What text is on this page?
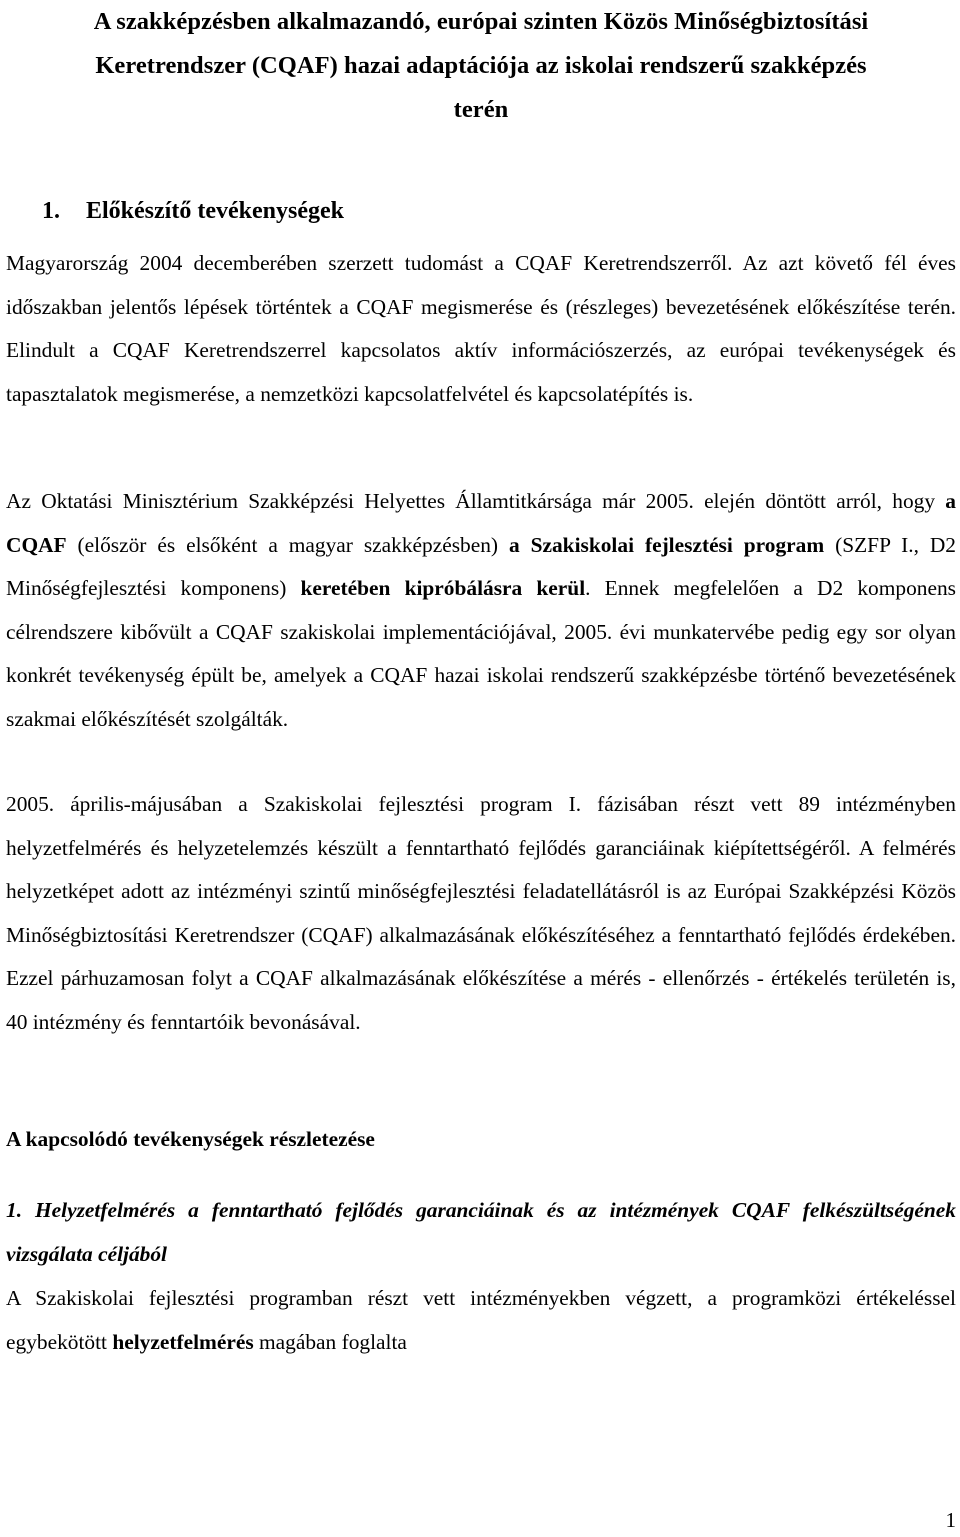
A szakképzésben alkalmazandó, európai szinten Közös Minőségbiztosítási
Keretrendszer (CQAF) hazai adaptációja az iskolai rendszerű szakképzés
terén
1. Előkészítő tevékenységek

Magyarország 2004 decemberében szerzett tudomást a CQAF Keretrendszerről. Az azt követő fél éves időszakban jelentős lépések történtek a CQAF megismerése és (részleges) bevezetésének előkészítése terén. Elindult a CQAF Keretrendszerrel kapcsolatos aktív információszerzés, az európai tevékenységek és tapasztalatok megismerése, a nemzetközi kapcsolatfelvétel és kapcsolatépítés is.

Az Oktatási Minisztérium Szakképzési Helyettes Államtitkársága már 2005. elején döntött arról, hogy a CQAF (először és elsőként a magyar szakképzésben) a Szakiskolai fejlesztési program (SZFP I., D2 Minőségfejlesztési komponens) keretében kipróbálásra kerül. Ennek megfelelően a D2 komponens célrendszere kibővült a CQAF szakiskolai implementációjával, 2005. évi munkatervébe pedig egy sor olyan konkrét tevékenység épült be, amelyek a CQAF hazai iskolai rendszerű szakképzésbe történő bevezetésének szakmai előkészítését szolgálták.

2005. április-májusában a Szakiskolai fejlesztési program I. fázisában részt vett 89 intézményben helyzetfelmérés és helyzetelemzés készült a fenntartható fejlődés garanciáinak kiépítettségéről. A felmérés helyzetképet adott az intézményi szintű minőségfejlesztési feladatellátásról is az Európai Szakképzési Közös Minőségbiztosítási Keretrendszer (CQAF) alkalmazásának előkészítéséhez a fenntartható fejlődés érdekében. Ezzel párhuzamosan folyt a CQAF alkalmazásának előkészítése a mérés - ellenőrzés - értékelés területén is, 40 intézmény és fenntartóik bevonásával.

A kapcsolódó tevékenységek részletezése

1. Helyzetfelmérés a fenntartható fejlődés garanciáinak és az intézmények CQAF felkészültségének vizsgálata céljából

A Szakiskolai fejlesztési programban részt vett intézményekben végzett, a programközi értékeléssel egybekötött helyzetfelmérés magában foglalta

1
